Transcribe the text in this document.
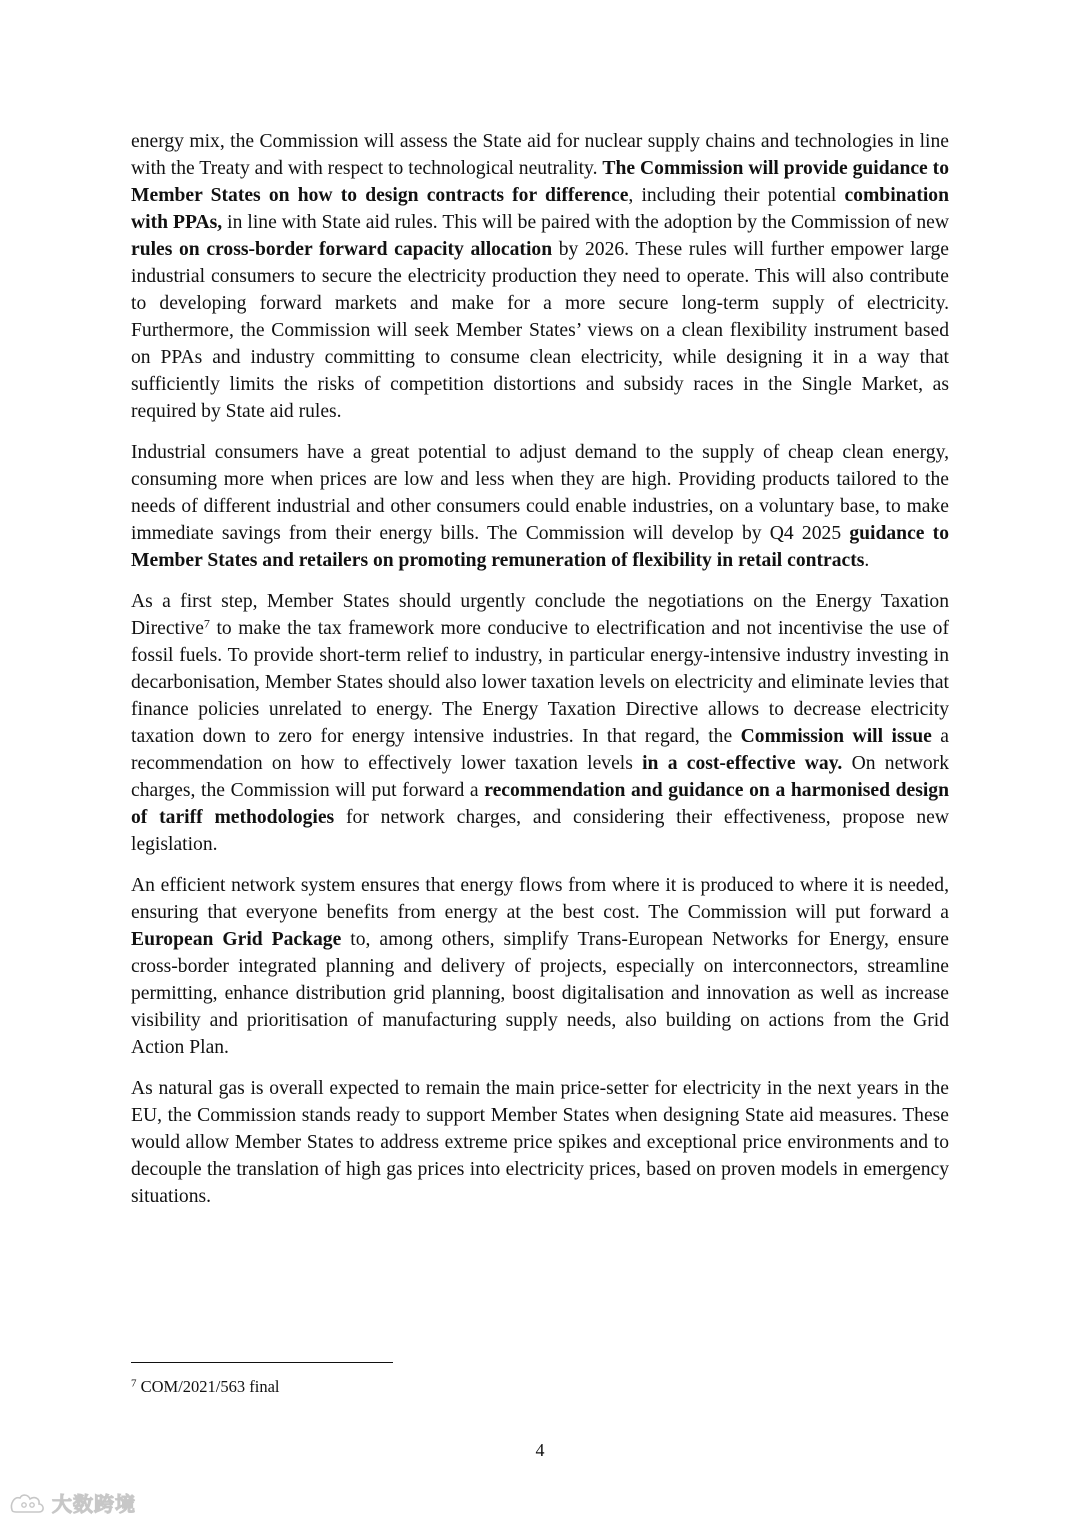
energy mix, the Commission will assess the State aid for nuclear supply chains and technologies in line with the Treaty and with respect to technological neutrality. The Commission will provide guidance to Member States on how to design contracts for difference, including their potential combination with PPAs, in line with State aid rules. This will be paired with the adoption by the Commission of new rules on cross-border forward capacity allocation by 2026. These rules will further empower large industrial consumers to secure the electricity production they need to operate. This will also contribute to developing forward markets and make for a more secure long-term supply of electricity. Furthermore, the Commission will seek Member States’ views on a clean flexibility instrument based on PPAs and industry committing to consume clean electricity, while designing it in a way that sufficiently limits the risks of competition distortions and subsidy races in the Single Market, as required by State aid rules.

Industrial consumers have a great potential to adjust demand to the supply of cheap clean energy, consuming more when prices are low and less when they are high. Providing products tailored to the needs of different industrial and other consumers could enable industries, on a voluntary base, to make immediate savings from their energy bills. The Commission will develop by Q4 2025 guidance to Member States and retailers on promoting remuneration of flexibility in retail contracts.

As a first step, Member States should urgently conclude the negotiations on the Energy Taxation Directive$^7$ to make the tax framework more conducive to electrification and not incentivise the use of fossil fuels. To provide short-term relief to industry, in particular energy-intensive industry investing in decarbonisation, Member States should also lower taxation levels on electricity and eliminate levies that finance policies unrelated to energy. The Energy Taxation Directive allows to decrease electricity taxation down to zero for energy intensive industries. In that regard, the Commission will issue a recommendation on how to effectively lower taxation levels in a cost-effective way. On network charges, the Commission will put forward a recommendation and guidance on a harmonised design of tariff methodologies for network charges, and considering their effectiveness, propose new legislation.

An efficient network system ensures that energy flows from where it is produced to where it is needed, ensuring that everyone benefits from energy at the best cost. The Commission will put forward a European Grid Package to, among others, simplify Trans-European Networks for Energy, ensure cross-border integrated planning and delivery of projects, especially on interconnectors, streamline permitting, enhance distribution grid planning, boost digitalisation and innovation as well as increase visibility and prioritisation of manufacturing supply needs, also building on actions from the Grid Action Plan.

As natural gas is overall expected to remain the main price-setter for electricity in the next years in the EU, the Commission stands ready to support Member States when designing State aid measures. These would allow Member States to address extreme price spikes and exceptional price environments and to decouple the translation of high gas prices into electricity prices, based on proven models in emergency situations.

$^7$ COM/2021/563 final
4
大数跨境
